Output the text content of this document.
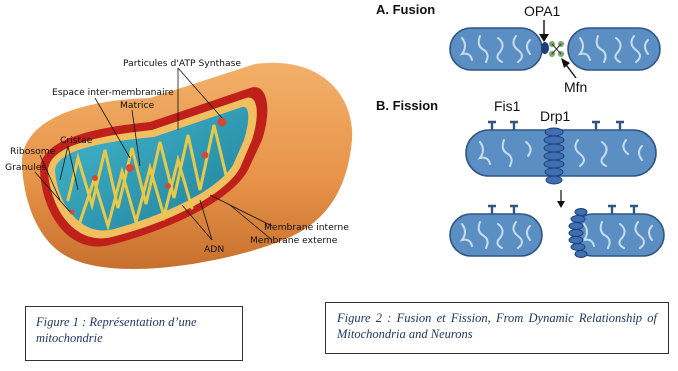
Particules d'ATP Synthase
Espace inter-membranaire
Matrice
Cristae
Ribosome
Granules
Membrane interne
Membrane externe
ADN
A. Fusion	OPA1
Mfn
B. Fission	Fis1
Drp1
Figure 1 : Représentation d’une mitochondrie
Figure 2 : Fusion et Fission, From Dynamic Relationship of Mitochondria and Neurons
